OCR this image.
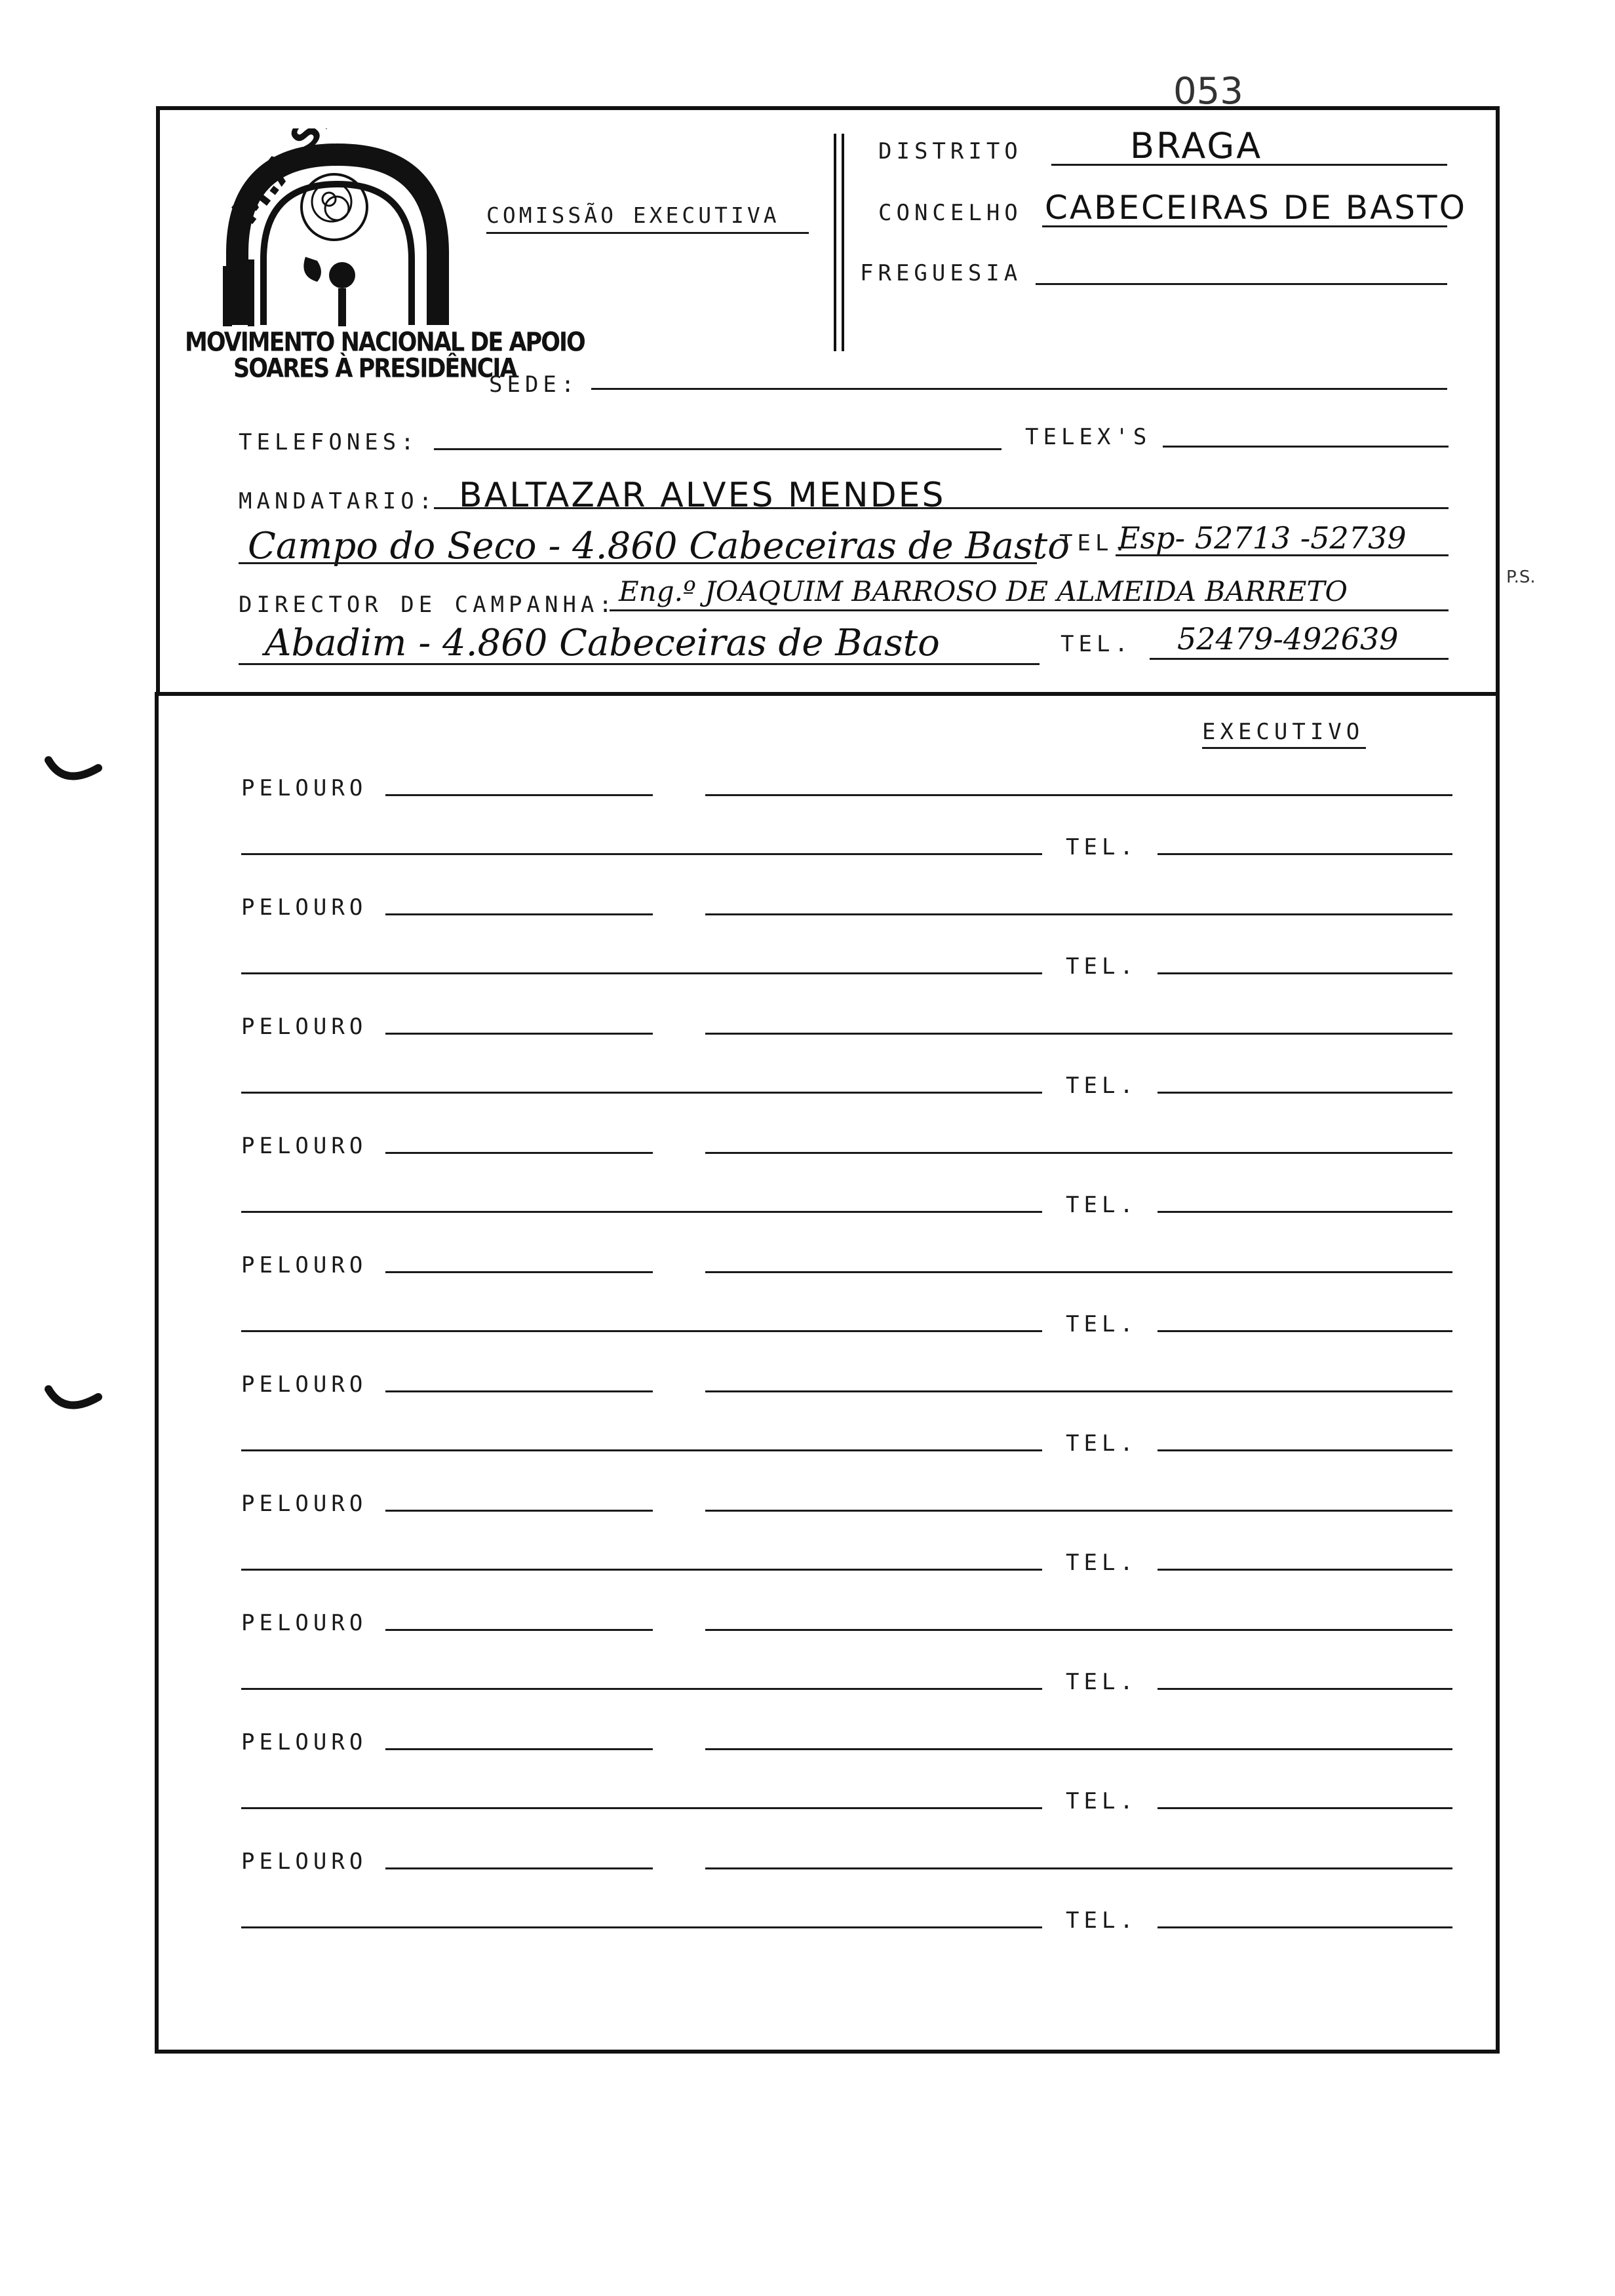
053
P.S.
M.A.S.P.
MOVIMENTO NACIONAL DE APOIO
SOARES À PRESIDÊNCIA
COMISSÃO EXECUTIVA
DISTRITO	BRAGA
CONCELHO CABECEIRAS DE BASTO
FREGUESIA
SEDE:
TELEFONES:	TELEX'S
MANDATARIO: BALTAZAR ALVES MENDES
Campo do Seco - 4.860 Cabeceiras de Basto
TEL.
Esp- 52713 -52739
DIRECTOR DE CAMPANHA: Eng.º JOAQUIM BARROSO DE ALMEIDA BARRETO
Abadim - 4.860 Cabeceiras de Basto	TEL. 52479-492639
EXECUTIVO
PELOURO
TEL.
PELOURO
TEL.
PELOURO
TEL.
PELOURO
TEL.
PELOURO
TEL.
PELOURO
TEL.
PELOURO
TEL.
PELOURO
TEL.
PELOURO
TEL.
PELOURO
TEL.
